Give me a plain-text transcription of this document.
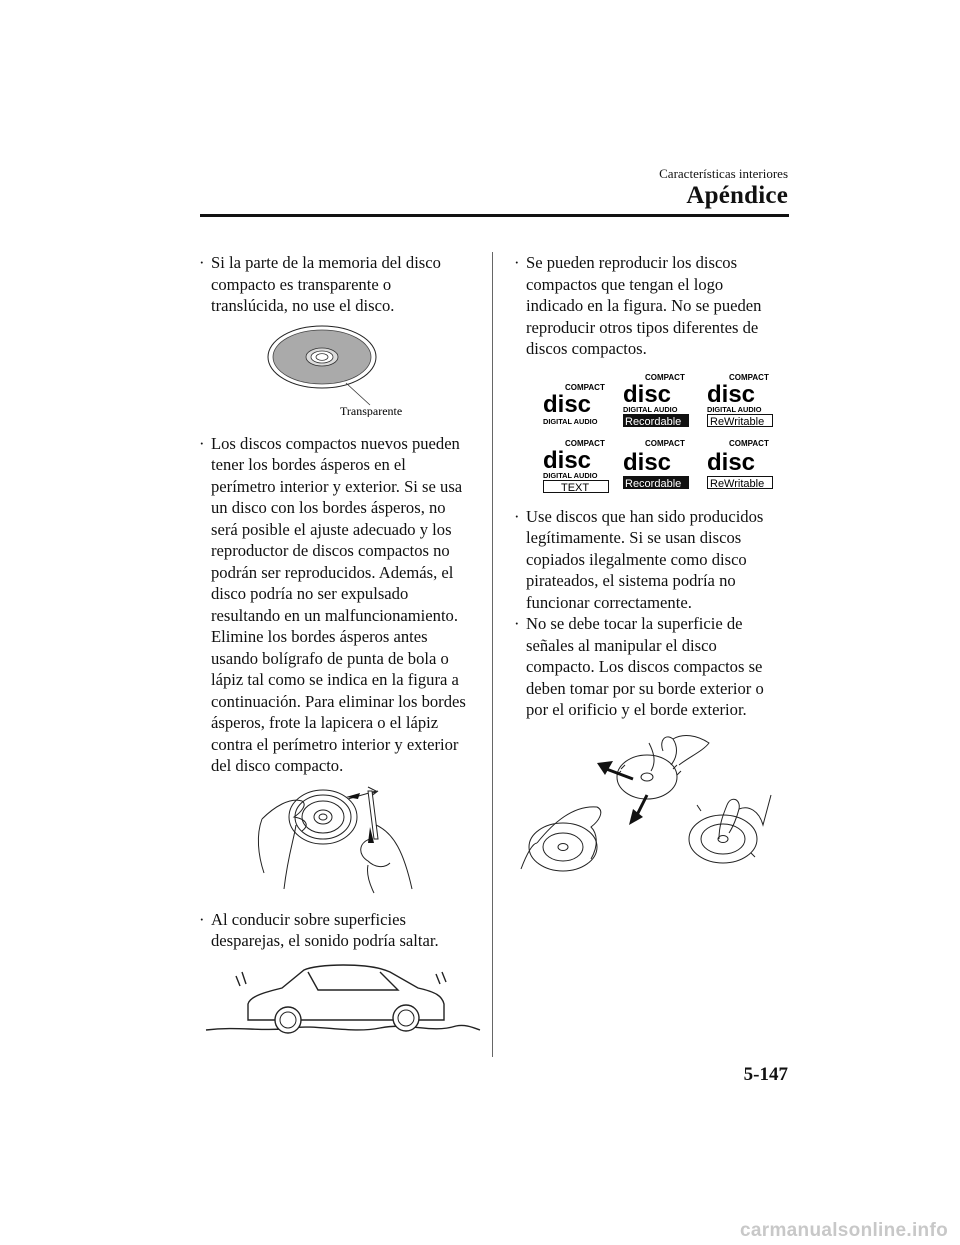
Características interiores
Apéndice
· Si la parte de la memoria del disco compacto es transparente o translúcida, no use el disco.
Transparente
· Los discos compactos nuevos pueden tener los bordes ásperos en el perímetro interior y exterior. Si se usa un disco con los bordes ásperos, no será posible el ajuste adecuado y los reproductor de discos compactos no podrán ser reproducidos. Además, el disco podría no ser expulsado resultando en un malfuncionamiento. Elimine los bordes ásperos antes usando bolígrafo de punta de bola o lápiz tal como se indica en la figura a continuación. Para eliminar los bordes ásperos, frote la lapicera o el lápiz contra el perímetro interior y exterior del disco compacto.
· Al conducir sobre superficies desparejas, el sonido podría saltar.
· Se pueden reproducir los discos compactos que tengan el logo indicado en la figura. No se pueden reproducir otros tipos diferentes de discos compactos.
COMPACT
disc
DIGITAL AUDIO
COMPACT
disc
DIGITAL AUDIO
Recordable
COMPACT
disc
DIGITAL AUDIO
ReWritable
COMPACT
disc
DIGITAL AUDIO
TEXT
COMPACT
disc
Recordable
COMPACT
disc
ReWritable
· Use discos que han sido producidos legítimamente. Si se usan discos copiados ilegalmente como disco pirateados, el sistema podría no funcionar correctamente.
· No se debe tocar la superficie de señales al manipular el disco compacto. Los discos compactos se deben tomar por su borde exterior o por el orificio y el borde exterior.
5-147
carmanualsonline.info
